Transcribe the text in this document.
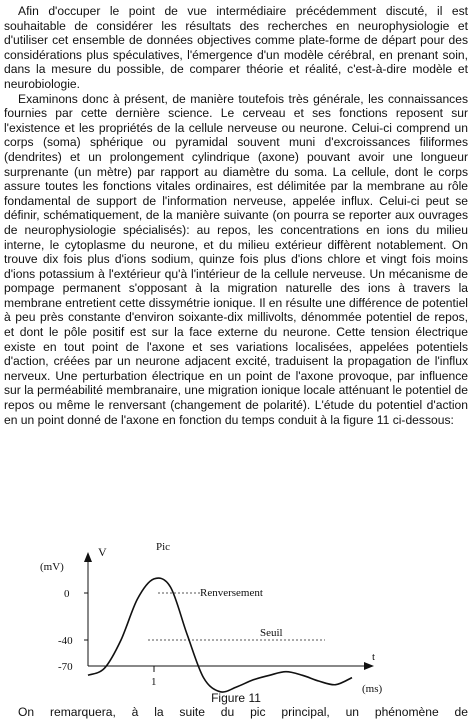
Afin d'occuper le point de vue intermédiaire précédemment discuté, il est souhaitable de considérer les résultats des recherches en neurophysiologie et d'utiliser cet ensemble de données objectives comme plate-forme de départ pour des considérations plus spéculatives, l'émergence d'un modèle cérébral, en prenant soin, dans la mesure du possible, de comparer théorie et réalité, c'est-à-dire modèle et neurobiologie.

Examinons donc à présent, de manière toutefois très générale, les connaissances fournies par cette dernière science. Le cerveau et ses fonctions reposent sur l'existence et les propriétés de la cellule nerveuse ou neurone. Celui-ci comprend un corps (soma) sphérique ou pyramidal souvent muni d'excroissances filiformes (dendrites) et un prolongement cylindrique (axone) pouvant avoir une longueur surprenante (un mètre) par rapport au diamètre du soma. La cellule, dont le corps assure toutes les fonctions vitales ordinaires, est délimitée par la membrane au rôle fondamental de support de l'information nerveuse, appelée influx. Celui-ci peut se définir, schématiquement, de la manière suivante (on pourra se reporter aux ouvrages de neurophysiologie spécialisés): au repos, les concentrations en ions du milieu interne, le cytoplasme du neurone, et du milieu extérieur diffèrent notablement. On trouve dix fois plus d'ions sodium, quinze fois plus d'ions chlore et vingt fois moins d'ions potassium à l'extérieur qu'à l'intérieur de la cellule nerveuse. Un mécanisme de pompage permanent s'opposant à la migration naturelle des ions à travers la membrane entretient cette dissymétrie ionique. Il en résulte une différence de potentiel à peu près constante d'environ soixante-dix millivolts, dénommée potentiel de repos, et dont le pôle positif est sur la face externe du neurone. Cette tension électrique existe en tout point de l'axone et ses variations localisées, appelées potentiels d'action, créées par un neurone adjacent excité, traduisent la propagation de l'influx nerveux. Une perturbation électrique en un point de l'axone provoque, par influence sur la perméabilité membranaire, une migration ionique locale atténuant le potentiel de repos ou même le renversant (changement de polarité). L'étude du potentiel d'action en un point donné de l'axone en fonction du temps conduit à la figure 11 ci-dessous:

V
(mV)
t
(ms)
0
-40
-70
1
Pic
Renversement
Seuil
Figure 11
On remarquera, à la suite du pic principal, un phénomène de
